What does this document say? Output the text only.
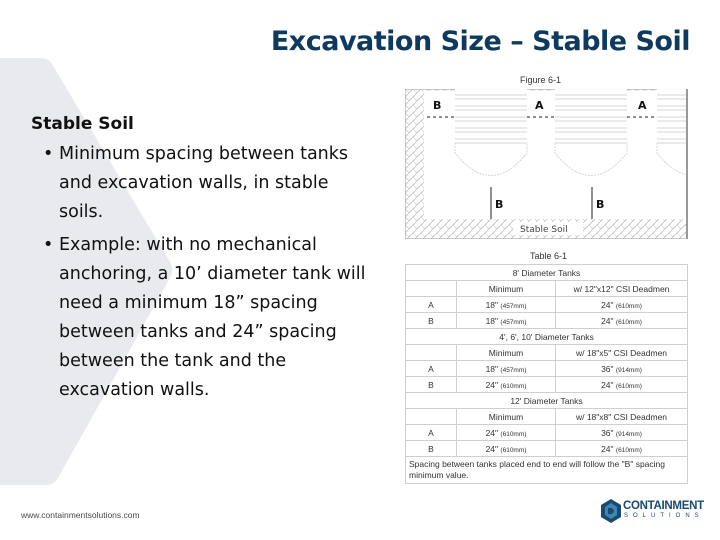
Excavation Size – Stable Soil
Stable Soil
• Minimum spacing between tanks and excavation walls, in stable soils.
• Example: with no mechanical anchoring, a 10’ diameter tank will need a minimum 18” spacing between tanks and 24” spacing between the tank and the excavation walls.
Figure 6-1
B	A	A
B	B
Stable Soil
Table 6-1
8' Diameter Tanks		
	Minimum	w/ 12"x12" CSI Deadmen
A	18" (457mm)	24" (610mm)
B	18" (457mm)	24" (610mm)
4', 6', 10' Diameter Tanks		
	Minimum	w/ 18"x5" CSI Deadmen
A	18" (457mm)	36" (914mm)
B	24" (610mm)	24" (610mm)
12' Diameter Tanks		
	Minimum	w/ 18"x8" CSI Deadmen
A	24" (610mm)	36" (914mm)
B	24" (610mm)	24" (610mm)
Spacing between tanks placed end to end will follow the "B" spacing minimum value.		
www.containmentsolutions.com
CONTAINMENT
SOLUTIONS
